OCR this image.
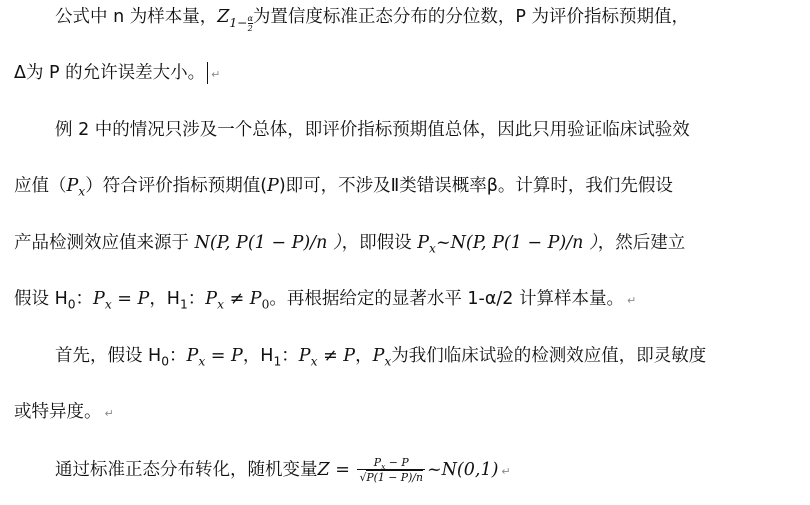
公式中 n 为样本量，$Z_{1- \frac{\alpha}{2}}$ 为置信度标准正态分布的分位数，P 为评价指标预期值，
Δ为 P 的允许误差大小。 ↵
例 2 中的情况只涉及一个总体，即评价指标预期值总体，因此只用验证临床试验效
应值$(P_x)$符合评价指标预期值(P)即可，不涉及Ⅱ类错误概率β。计算时，我们先假设
产品检测效应值来源于 N(P, P(1 − P)/n ），即假设 $P_x\sim N(P$, P(1 − P)/n ），然后建立
假设 $H_0$：$P_x = P$，$H_1$：$P_x \ne P_0$。再根据给定的显著水平 1-α/2 计算样本量。 ↵
首先，假设 $H_0$：$P_x = P$，$H_1$：$P_x \ne P$，$P_x$为我们临床试验的检测效应值，即灵敏度
或特异度。 ↵
通过标准正态分布转化，随机变量$Z = \frac{P_x - P}{√P(1 - P)/n}$ ~N(0,1) ↵
